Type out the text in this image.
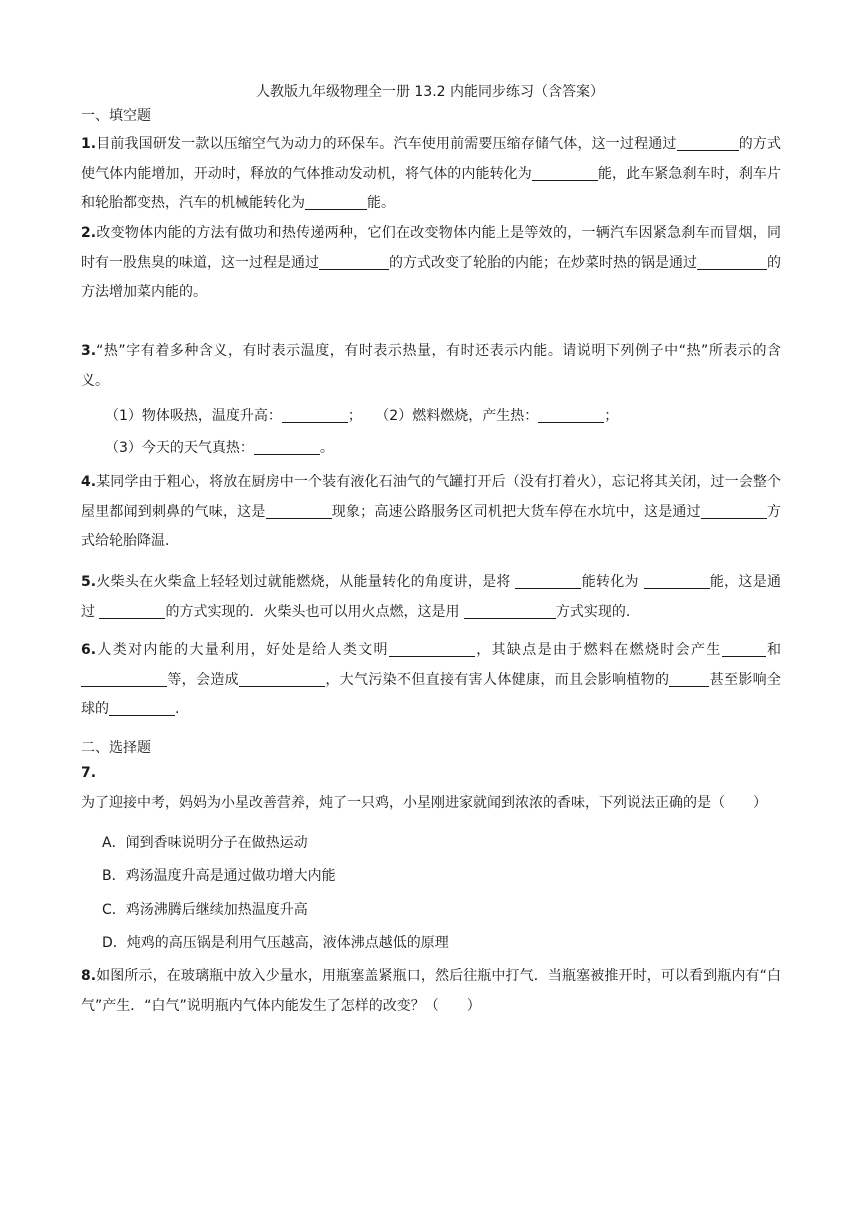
人教版九年级物理全一册 13.2 内能同步练习（含答案）
一、填空题
1.目前我国研发一款以压缩空气为动力的环保车。汽车使用前需要压缩存储气体，这一过程通过	的方式使气体内能增加，开动时，释放的气体推动发动机，将气体的内能转化为	能，此车紧急刹车时，刹车片和轮胎都变热，汽车的机械能转化为	能。
2.改变物体内能的方法有做功和热传递两种，它们在改变物体内能上是等效的，一辆汽车因紧急刹车而冒烟，同时有一股焦臭的味道，这一过程是通过	的方式改变了轮胎的内能；在炒菜时热的锅是通过	的方法增加菜内能的。
3.“热”字有着多种含义，有时表示温度，有时表示热量，有时还表示内能。请说明下列例子中“热”所表示的含义。
（1）物体吸热，温度升高：	； （2）燃料燃烧，产生热：	；
（3）今天的天气真热：	。
4.某同学由于粗心，将放在厨房中一个装有液化石油气的气罐打开后（没有打着火），忘记将其关闭，过一会整个屋里都闻到刺鼻的气味，这是	现象；高速公路服务区司机把大货车停在水坑中，这是通过	方式给轮胎降温.
5.火柴头在火柴盒上轻轻划过就能燃烧，从能量转化的角度讲，是将	能转化为	能，这是通过	的方式实现的．火柴头也可以用火点燃，这是用	方式实现的.
6.人类对内能的大量利用，好处是给人类文明	，其缺点是由于燃料在燃烧时会产生	和等，会造成	，大气污染不但直接有害人体健康，而且会影响植物的	甚至影响全球的	.
二、选择题
7.为了迎接中考，妈妈为小星改善营养，炖了一只鸡，小星刚进家就闻到浓浓的香味，下列说法正确的是（　　）
A．闻到香味说明分子在做热运动
B．鸡汤温度升高是通过做功增大内能
C．鸡汤沸腾后继续加热温度升高
D．炖鸡的高压锅是利用气压越高，液体沸点越低的原理
8.如图所示，在玻璃瓶中放入少量水，用瓶塞盖紧瓶口，然后往瓶中打气．当瓶塞被推开时，可以看到瓶内有“白气”产生．“白气”说明瓶内气体内能发生了怎样的改变？（　　）
